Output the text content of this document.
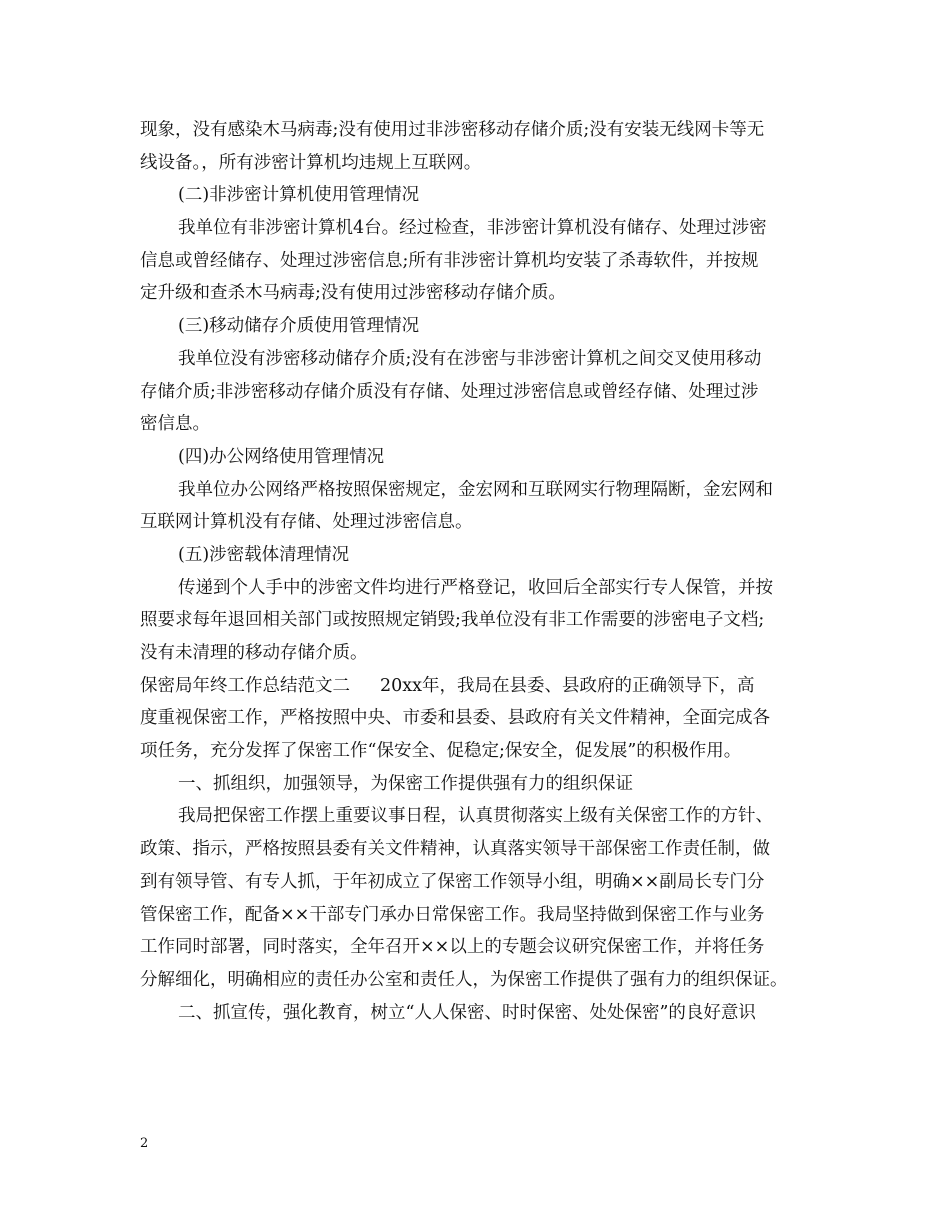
现象，没有感染木马病毒;没有使用过非涉密移动存储介质;没有安装无线网卡等无
线设备。，所有涉密计算机均违规上互联网。
(二)非涉密计算机使用管理情况
我单位有非涉密计算机4台。经过检查，非涉密计算机没有储存、处理过涉密
信息或曾经储存、处理过涉密信息;所有非涉密计算机均安装了杀毒软件，并按规
定升级和查杀木马病毒;没有使用过涉密移动存储介质。
(三)移动储存介质使用管理情况
我单位没有涉密移动储存介质;没有在涉密与非涉密计算机之间交叉使用移动
存储介质;非涉密移动存储介质没有存储、处理过涉密信息或曾经存储、处理过涉
密信息。
(四)办公网络使用管理情况
我单位办公网络严格按照保密规定，金宏网和互联网实行物理隔断，金宏网和
互联网计算机没有存储、处理过涉密信息。
(五)涉密载体清理情况
传递到个人手中的涉密文件均进行严格登记，收回后全部实行专人保管，并按
照要求每年退回相关部门或按照规定销毁;我单位没有非工作需要的涉密电子文档;
没有未清理的移动存储介质。
保密局年终工作总结范文二 20xx年，我局在县委、县政府的正确领导下，高
度重视保密工作，严格按照中央、市委和县委、县政府有关文件精神，全面完成各
项任务，充分发挥了保密工作“保安全、促稳定;保安全，促发展”的积极作用。
一、抓组织，加强领导，为保密工作提供强有力的组织保证
我局把保密工作摆上重要议事日程，认真贯彻落实上级有关保密工作的方针、
政策、指示，严格按照县委有关文件精神，认真落实领导干部保密工作责任制，做
到有领导管、有专人抓，于年初成立了保密工作领导小组，明确××副局长专门分
管保密工作，配备××干部专门承办日常保密工作。我局坚持做到保密工作与业务
工作同时部署，同时落实，全年召开××以上的专题会议研究保密工作，并将任务
分解细化，明确相应的责任办公室和责任人，为保密工作提供了强有力的组织保证。
二、抓宣传，强化教育，树立“人人保密、时时保密、处处保密”的良好意识
2
